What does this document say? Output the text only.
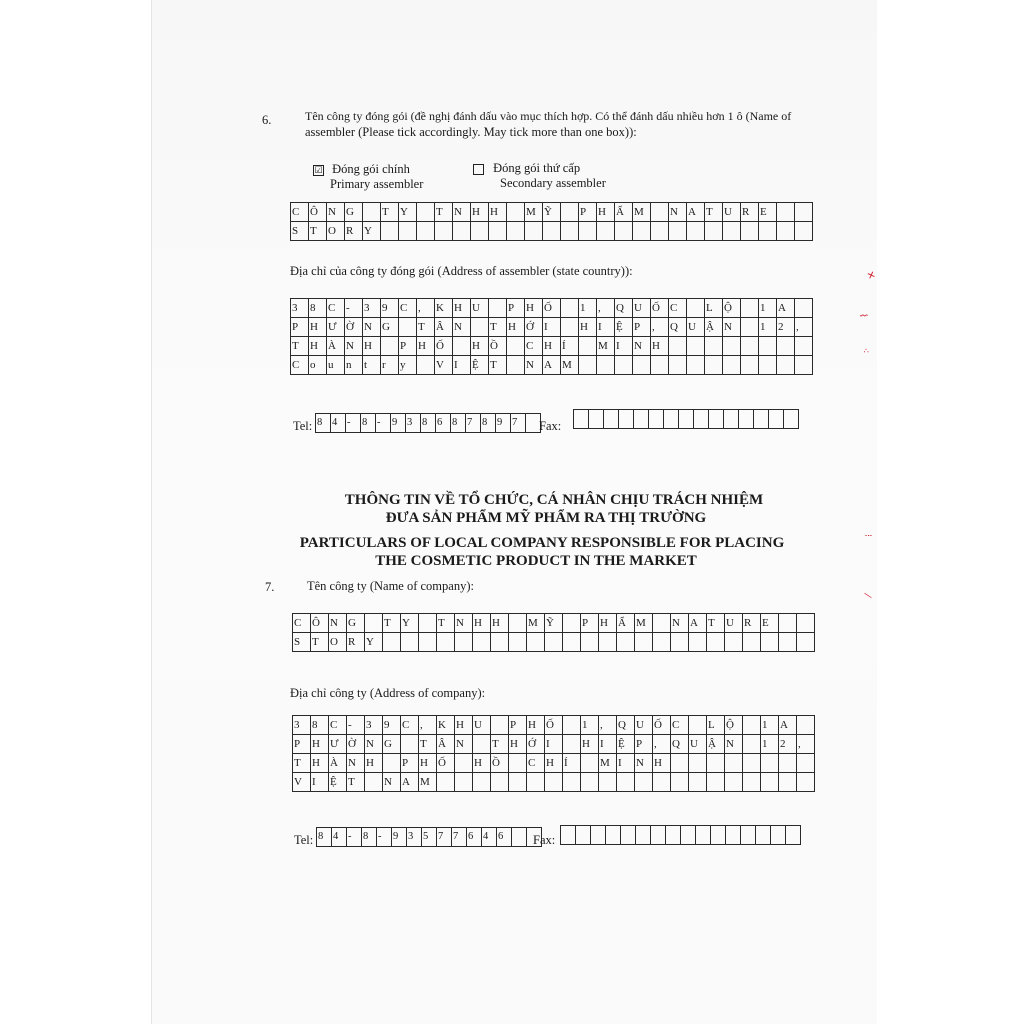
6.	Tên công ty đóng gói (đề nghị đánh dấu vào mục thích hợp. Có thể đánh dấu nhiều hơn 1 ô (Name of
assembler (Please tick accordingly. May tick more than one box)):
☑ Đóng gói chính
Primary assembler
Đóng gói thứ cấp
Secondary assembler
C Ô N G	T	Y	T	N H H	M Ỹ	P	H Ẩ M	N A T	U R E
S	T	O R Y
Địa chỉ của công ty đóng gói (Address of assembler (state country)):
3	8	C -	3	9	C ,	K H U	P	H Ố	1	,	Q U Ố C	L	Ộ	1	A
P	H Ư Ờ N G	T	Â N	T	H Ớ I	H I	Ệ	P	,	Q U Ậ N	1	2	,
T	H À N H	P	H Ố	H Ồ	C H Í	M I	N H
C o	u	n	t	r	y	V I	Ệ	T	N A M
Tel: 8 4 -	8 -	9 3 8 6 8 7 8 9 7	Fax:
THÔNG TIN VỀ TỔ CHỨC, CÁ NHÂN CHỊU TRÁCH NHIỆM
ĐƯA SẢN PHẨM MỸ PHẨM RA THỊ TRƯỜNG
PARTICULARS OF LOCAL COMPANY RESPONSIBLE FOR PLACING
THE COSMETIC PRODUCT IN THE MARKET
7.	Tên công ty (Name of company):
C Ô N G	T	Y	T	N H H	M Ỹ	P	H Ẩ M	N A T	U R E
S	T	O R Y
Địa chỉ công ty (Address of company):
3	8	C -	3	9	C ,	K H U	P	H Ố	1	,	Q U Ố C	L	Ộ	1	A
P	H Ư Ờ N G	T	Â N	T	H Ớ I	H I	Ệ	P	,	Q U Ậ N	1	2	,
T	H À N H	P	H Ố	H Ồ	C H Í	M I	N H
V I	Ệ	T	N A M
Tel: 8 4 -	8 -	9 3 5 7 7 6 4 6	Fax:
✕
⌇
⁖
⁝
⁄
